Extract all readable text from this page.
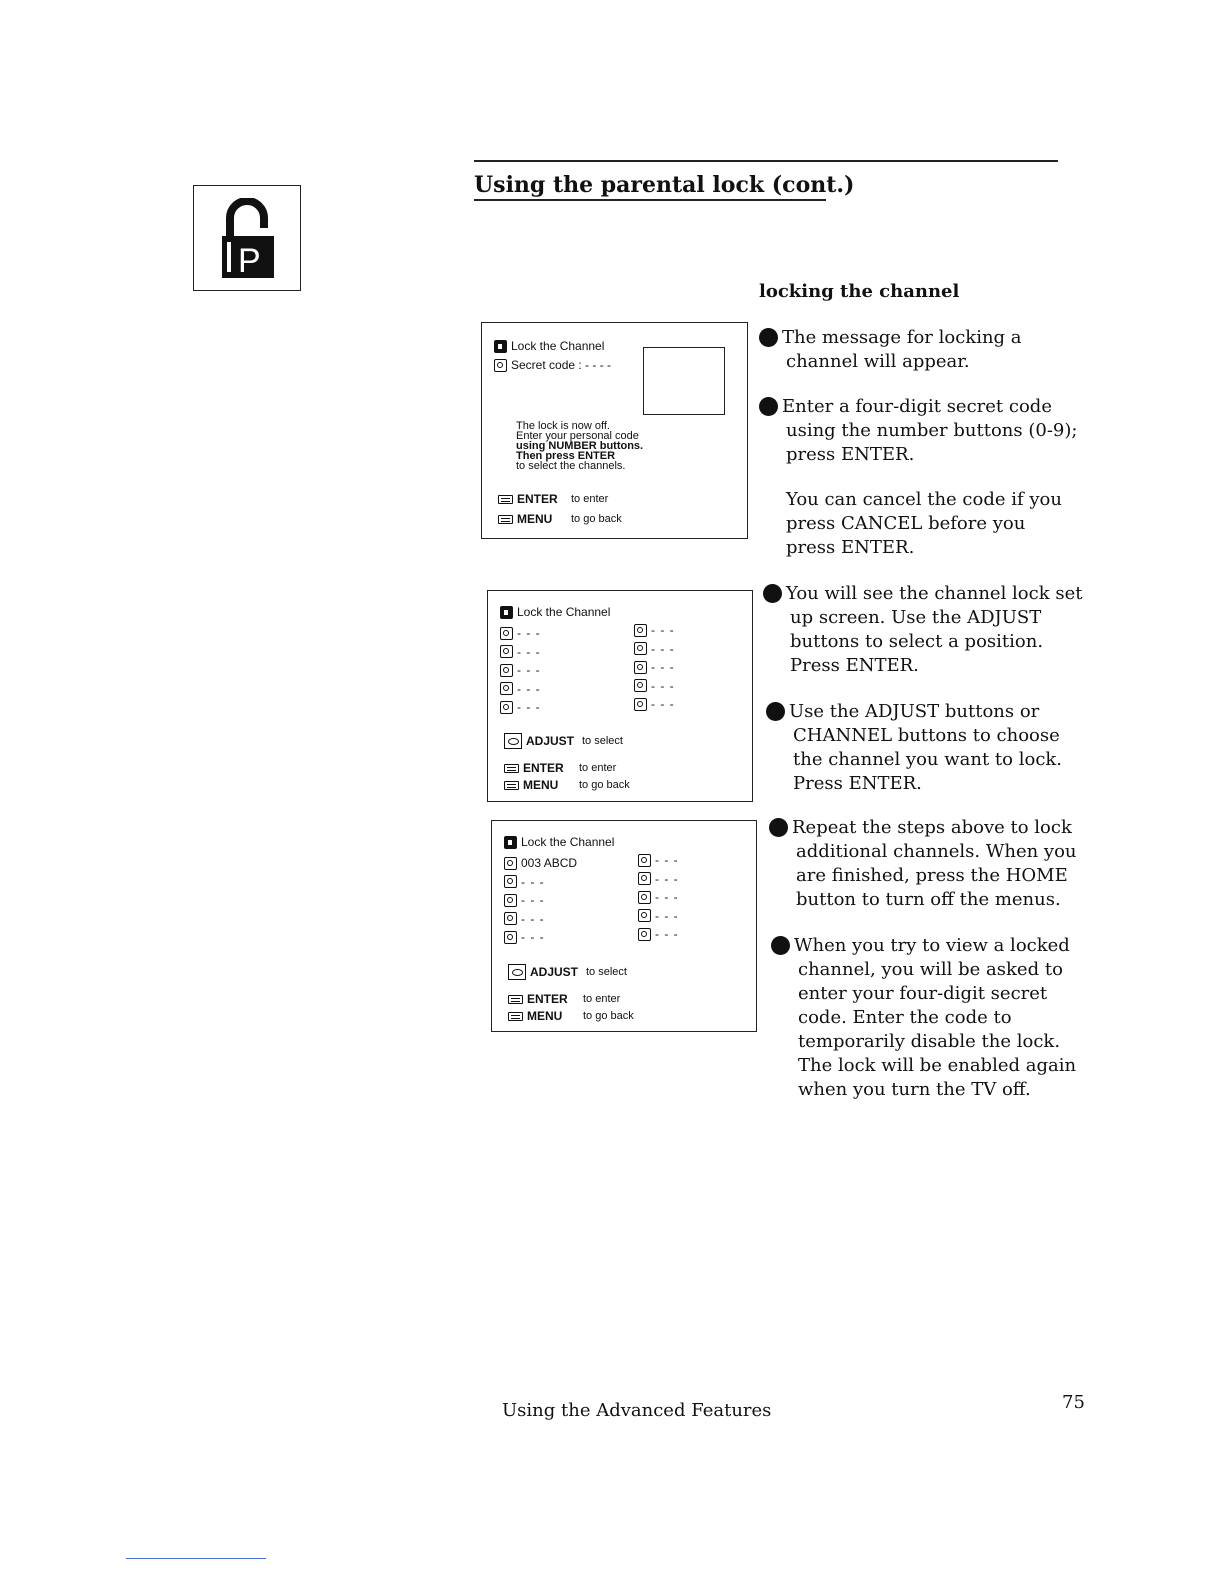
P
Using the parental lock (cont.)
locking the channel
Lock the Channel
Secret code : - - - -
The lock is now off.
Enter your personal code
using NUMBER buttons.
Then press ENTER
to select the channels.
ENTER	to enter
MENU	to go back
Lock the Channel
- - -
- - -
- - -
- - -
- - -
- - -
- - -
- - -
- - -
- - -
ADJUST to select
ENTER	to enter
MENU	to go back
Lock the Channel
003 ABCD
- - -
- - -
- - -
- - -
- - -
- - -
- - -
- - -
- - -
ADJUST to select
ENTER	to enter
MENU	to go back
1 The message for locking a channel will appear.
2 Enter a four-digit secret code using the number buttons (0-9); press ENTER.
You can cancel the code if you press CANCEL before you press ENTER.
3 You will see the channel lock set up screen. Use the ADJUST buttons to select a position. Press ENTER.
4 Use the ADJUST buttons or CHANNEL buttons to choose the channel you want to lock. Press ENTER.
5 Repeat the steps above to lock additional channels. When you are finished, press the HOME button to turn off the menus.
6 When you try to view a locked channel, you will be asked to enter your four-digit secret code. Enter the code to temporarily disable the lock. The lock will be enabled again when you turn the TV off.
Using the Advanced Features	75
